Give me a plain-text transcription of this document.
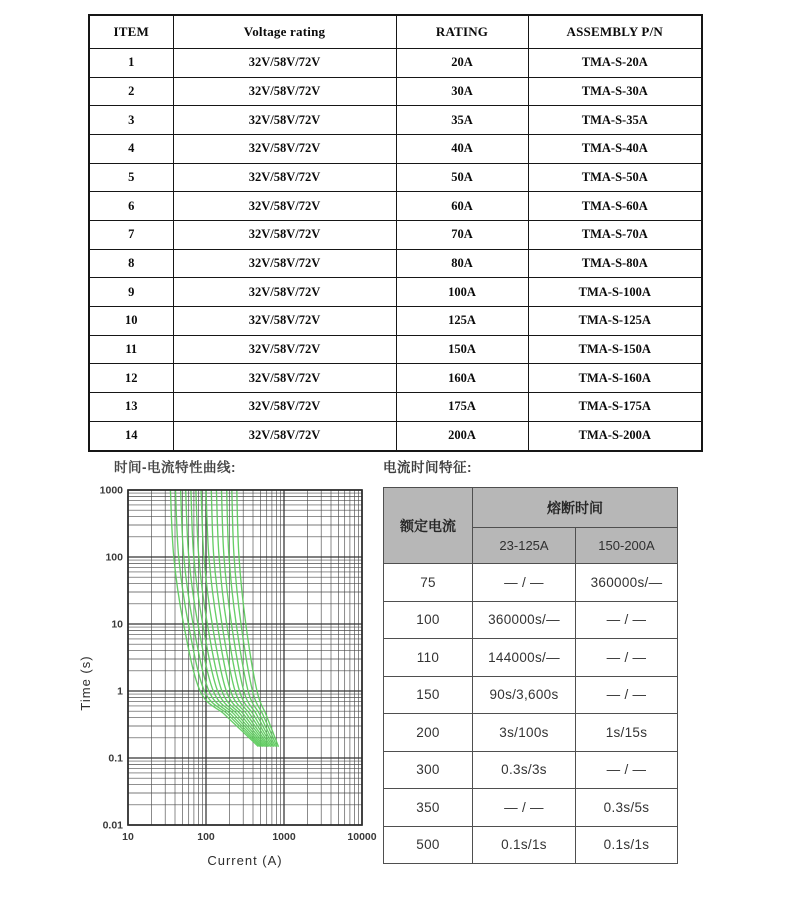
ITEM	Voltage rating	RATING	ASSEMBLY P/N
1	32V/58V/72V	20A	TMA-S-20A
2	32V/58V/72V	30A	TMA-S-30A
3	32V/58V/72V	35A	TMA-S-35A
4	32V/58V/72V	40A	TMA-S-40A
5	32V/58V/72V	50A	TMA-S-50A
6	32V/58V/72V	60A	TMA-S-60A
7	32V/58V/72V	70A	TMA-S-70A
8	32V/58V/72V	80A	TMA-S-80A
9	32V/58V/72V	100A	TMA-S-100A
10	32V/58V/72V	125A	TMA-S-125A
11	32V/58V/72V	150A	TMA-S-150A
12	32V/58V/72V	160A	TMA-S-160A
13	32V/58V/72V	175A	TMA-S-175A
14	32V/58V/72V	200A	TMA-S-200A
时间-电流特性曲线:	电流时间特征:
1000
100
10
1
0.1
0.01
10	100	1000	10000
Current (A)
Time (s)
额定电流	熔断时间	
	23-125A	150-200A
75	— / —	360000s/—
100	360000s/—	— / —
110	144000s/—	— / —
150	90s/3,600s	— / —
200	3s/100s	1s/15s
300	0.3s/3s	— / —
350	— / —	0.3s/5s
500	0.1s/1s	0.1s/1s
